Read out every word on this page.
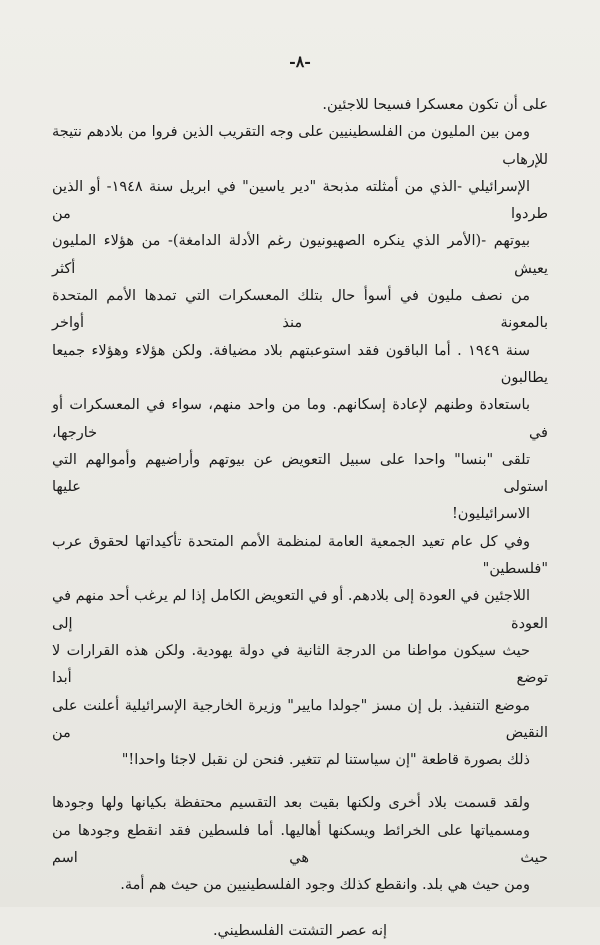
-٨-

على أن تكون معسكرا فسيحا للاجئين.

ومن بين المليون من الفلسطينيين على وجه التقريب الذين فروا من بلادهم نتيجة للإرهاب
الإسرائيلي -الذي من أمثلته مذبحة "دير ياسين" في ابريل سنة ١٩٤٨- أو الذين طردوا من
بيوتهم -(الأمر الذي ينكره الصهيونيون رغم الأدلة الدامغة)- من هؤلاء المليون يعيش أكثر
من نصف مليون في أسوأ حال بتلك المعسكرات التي تمدها الأمم المتحدة بالمعونة منذ أواخر
سنة ١٩٤٩ . أما الباقون فقد استوعبتهم بلاد مضيافة. ولكن هؤلاء وهؤلاء جميعا يطالبون
باستعادة وطنهم لإعادة إسكانهم. وما من واحد منهم، سواء في المعسكرات أو في خارجها،
تلقى "بنسا" واحدا على سبيل التعويض عن بيوتهم وأراضيهم وأموالهم التي استولى عليها
الاسرائيليون!

وفي كل عام تعيد الجمعية العامة لمنظمة الأمم المتحدة تأكيداتها لحقوق عرب "فلسطين"
اللاجئين في العودة إلى بلادهم. أو في التعويض الكامل إذا لم يرغب أحد منهم في العودة إلى
حيث سيكون مواطنا من الدرجة الثانية في دولة يهودية. ولكن هذه القرارات لا توضع أبدا
موضع التنفيذ. بل إن مسز "جولدا مايير" وزيرة الخارجية الإسرائيلية أعلنت على النقيض من
ذلك بصورة قاطعة "إن سياستنا لم تتغير. فنحن لن نقبل لاجئا واحدا!"

ولقد قسمت بلاد أخرى ولكنها بقيت بعد التقسيم محتفظة بكيانها ولها وجودها
ومسمياتها على الخرائط ويسكنها أهاليها. أما فلسطين فقد انقطع وجودها من حيث هي اسم
ومن حيث هي بلد. وانقطع كذلك وجود الفلسطينيين من حيث هم أمة.

إنه عصر التشتت الفلسطيني.
